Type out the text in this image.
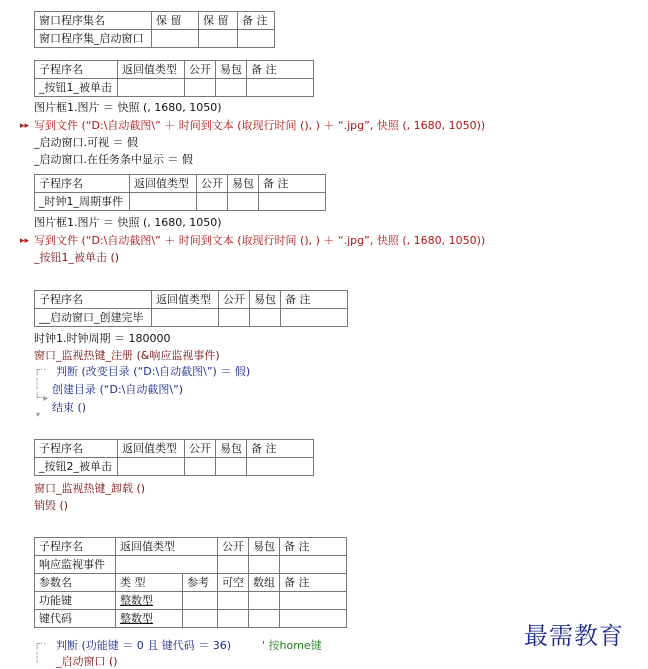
窗口程序集名	保 留	保 留	备 注
窗口程序集_启动窗口			
子程序名	返回值类型	公开	易包	备 注
_按钮1_被单击				
图片框1.图片 ＝ 快照 (, 1680, 1050)
▸▸ 写到文件 (“D:\自动截图\” ＋ 时间到文本 (取现行时间 (), ) ＋ “.jpg”, 快照 (, 1680, 1050))
_启动窗口.可视 ＝ 假
_启动窗口.在任务条中显示 ＝ 假
子程序名	返回值类型	公开	易包	备 注
_时钟1_周期事件				
图片框1.图片 ＝ 快照 (, 1680, 1050)
▸▸ 写到文件 (“D:\自动截图\” ＋ 时间到文本 (取现行时间 (), ) ＋ “.jpg”, 快照 (, 1680, 1050))
_按钮1_被单击 ()
子程序名	返回值类型	公开	易包	备 注
__启动窗口_创建完毕				
时钟1.时钟周期 ＝ 180000
窗口_监视热键_注册 (&响应监视事件)
┌··
┆
└·▸
判断 (改变目录 (“D:\自动截图\”) ＝ 假)
创建目录 (“D:\自动截图\”)
结束 ()
▾
子程序名	返回值类型	公开	易包	备 注
_按钮2_被单击				
窗口_监视热键_卸载 ()
销毁 ()
子程序名	返回值类型		公开	易包	备 注
响应监视事件					
参数名	类 型	参考	可空	数组	备 注
功能键	整数型				
键代码	整数型				
┌··
┆
判断 (功能键 ＝ 0 且 键代码 ＝ 36)	' 按home键
_启动窗口 ()
最需教育
